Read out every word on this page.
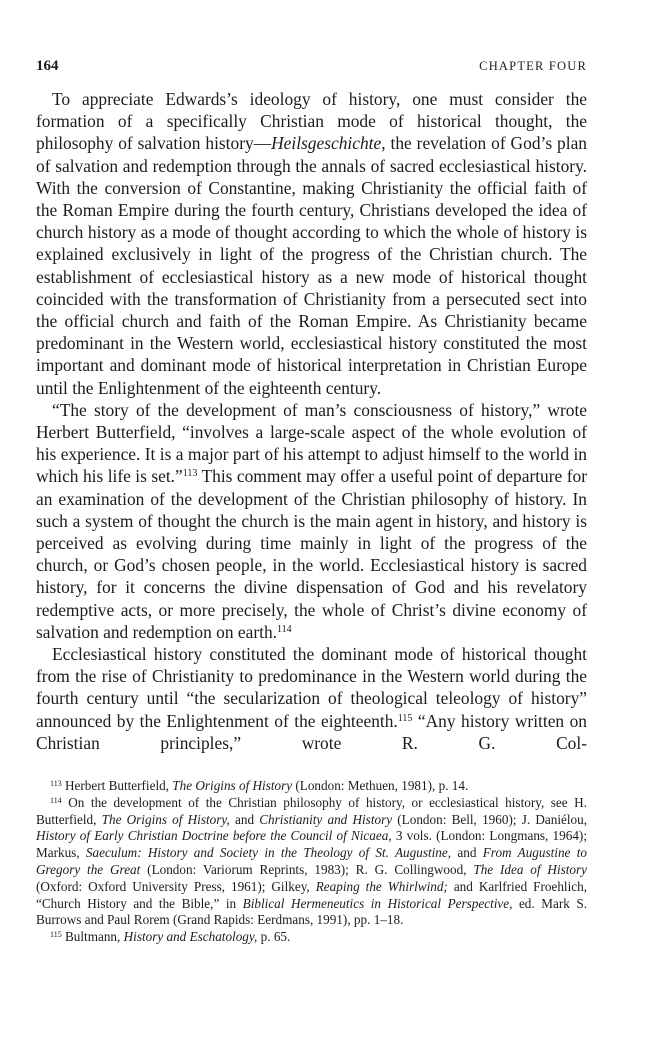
164	CHAPTER FOUR

To appreciate Edwards’s ideology of history, one must consider the formation of a specifically Christian mode of historical thought, the philosophy of salvation history—Heilsgeschichte, the revelation of God’s plan of salvation and redemption through the annals of sacred ecclesiastical history. With the conversion of Constantine, making Christianity the official faith of the Roman Empire during the fourth century, Christians developed the idea of church history as a mode of thought according to which the whole of history is explained exclusively in light of the progress of the Christian church. The establishment of ecclesiastical history as a new mode of historical thought coincided with the transformation of Christianity from a persecuted sect into the official church and faith of the Roman Empire. As Christianity became predominant in the Western world, ecclesiastical history constituted the most important and dominant mode of historical interpretation in Christian Europe until the Enlightenment of the eighteenth century.

“The story of the development of man’s consciousness of history,” wrote Herbert Butterfield, “involves a large-scale aspect of the whole evolution of his experience. It is a major part of his attempt to adjust himself to the world in which his life is set.”$^{113}$ This comment may offer a useful point of departure for an examination of the development of the Christian philosophy of history. In such a system of thought the church is the main agent in history, and history is perceived as evolving during time mainly in light of the progress of the church, or God’s chosen people, in the world. Ecclesiastical history is sacred history, for it concerns the divine dispensation of God and his revelatory redemptive acts, or more precisely, the whole of Christ’s divine economy of salvation and redemption on earth.$^{114}$

Ecclesiastical history constituted the dominant mode of historical thought from the rise of Christianity to predominance in the Western world during the fourth century until “the secularization of theological teleology of history” announced by the Enlightenment of the eighteenth.$^{115}$ “Any history written on Christian principles,” wrote R. G. Col-

$^{113}$ Herbert Butterfield, The Origins of History (London: Methuen, 1981), p. 14.

$^{114}$ On the development of the Christian philosophy of history, or ecclesiastical history, see H. Butterfield, The Origins of History, and Christianity and History (London: Bell, 1960); J. Daniélou, History of Early Christian Doctrine before the Council of Nicaea, 3 vols. (London: Longmans, 1964); Markus, Saeculum: History and Society in the Theology of St. Augustine, and From Augustine to Gregory the Great (London: Variorum Reprints, 1983); R. G. Collingwood, The Idea of History (Oxford: Oxford University Press, 1961); Gilkey, Reaping the Whirlwind; and Karlfried Froehlich, “Church History and the Bible,” in Biblical Hermeneutics in Historical Perspective, ed. Mark S. Burrows and Paul Rorem (Grand Rapids: Eerdmans, 1991), pp. 1–18.

$^{115}$ Bultmann, History and Eschatology, p. 65.
